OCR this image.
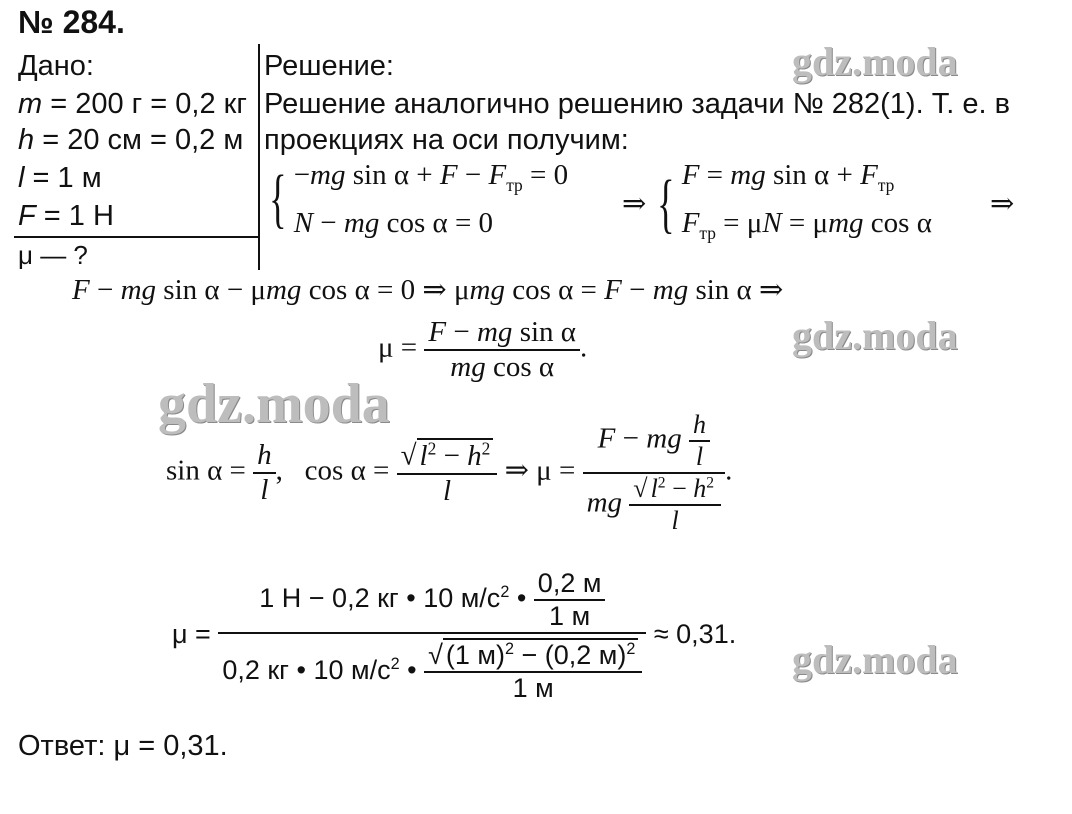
№ 284.
Дано:
m = 200 г = 0,2 кг
h = 20 см = 0,2 м
l = 1 м
F = 1 Н
μ — ?
Решение:
Решение аналогично решению задачи № 282(1). Т. е. в
проекциях на оси получим:
{ −mg $\sin \alpha + F - F_{тр} = 0$
N − mg cos α = 0
⇒ { F = mg $\sin \alpha + F_{тр}$
$F_{тр} = \mu N = \mu mg$ cos α
⇒
F − mg sin α − μmg cos α = 0 ⇒ μmg cos α = F − mg sin α ⇒
$\mu = \frac{\text{F − mg sin α}}{\text{mg cos α}}$ .
$\sin \alpha = \frac{h}{l}$ ,   $\cos \alpha = \frac{√ l^2 - h^2}{l}$ ⇒ $\mu = \frac{F - mg \frac{h}{l}}{mg \frac{√ l^2 - h^2}{l}}$ .
$\mu = \frac{1 Н - 0,2 кг • 10 м/с^2 • \frac{0,2 м}{1 м}}{0,2 кг • 10 м/с^2 • \frac{√ (1 м)^2 - (0,2 м)^2}{1 м}} \approx 0,31$.
Ответ: μ = 0,31.
gdz.moda
gdz.moda
gdz.moda
gdz.moda
